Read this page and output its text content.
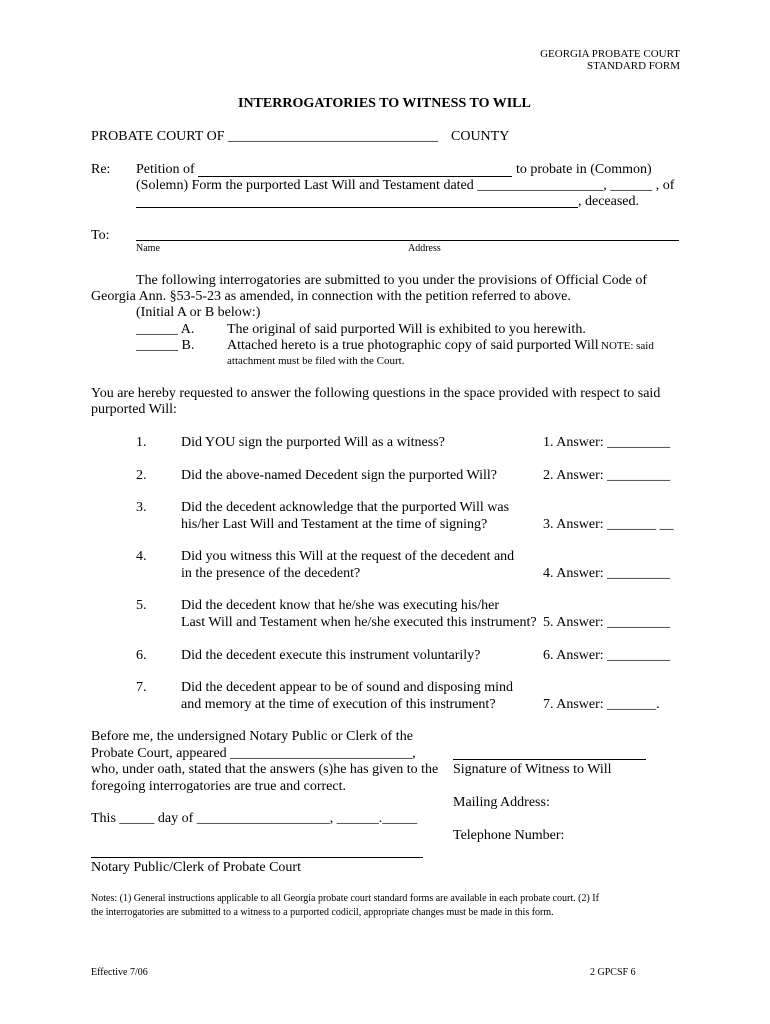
GEORGIA PROBATE COURT
STANDARD FORM
INTERROGATORIES TO WITNESS TO WILL
PROBATE COURT OF ______________________________ COUNTY
Re: Petition of	to probate in (Common)
(Solemn) Form the purported Last Will and Testament dated __________________, ______ , of
, deceased.
To:
Name	Address
The following interrogatories are submitted to you under the provisions of Official Code of
Georgia Ann. §53-5-23 as amended, in connection with the petition referred to above.
(Initial A or B below:)
______ A. The original of said purported Will is exhibited to you herewith.
______ B. Attached hereto is a true photographic copy of said purported Will NOTE: said
attachment must be filed with the Court.
You are hereby requested to answer the following questions in the space provided with respect to said
purported Will:
1. Did YOU sign the purported Will as a witness?	1. Answer: _________
2. Did the above-named Decedent sign the purported Will?	2. Answer: _________
3. Did the decedent acknowledge that the purported Will was
his/her Last Will and Testament at the time of signing?	3. Answer: _______ __
4. Did you witness this Will at the request of the decedent and
in the presence of the decedent?	4. Answer: _________
5. Did the decedent know that he/she was executing his/her
Last Will and Testament when he/she executed this instrument? 5. Answer: _________
6. Did the decedent execute this instrument voluntarily?	6. Answer: _________
7. Did the decedent appear to be of sound and disposing mind
and memory at the time of execution of this instrument?	7. Answer: _______.
Before me, the undersigned Notary Public or Clerk of the
Probate Court, appeared __________________________,
who, under oath, stated that the answers (s)he has given to the
foregoing interrogatories are true and correct.
This _____ day of ___________________, ______._____
Notary Public/Clerk of Probate Court
Signature of Witness to Will
Mailing Address:
Telephone Number:
Notes: (1) General instructions applicable to all Georgia probate court standard forms are available in each probate court. (2) If
the interrogatories are submitted to a witness to a purported codicil, appropriate changes must be made in this form.
Effective 7/06	2 GPCSF 6
